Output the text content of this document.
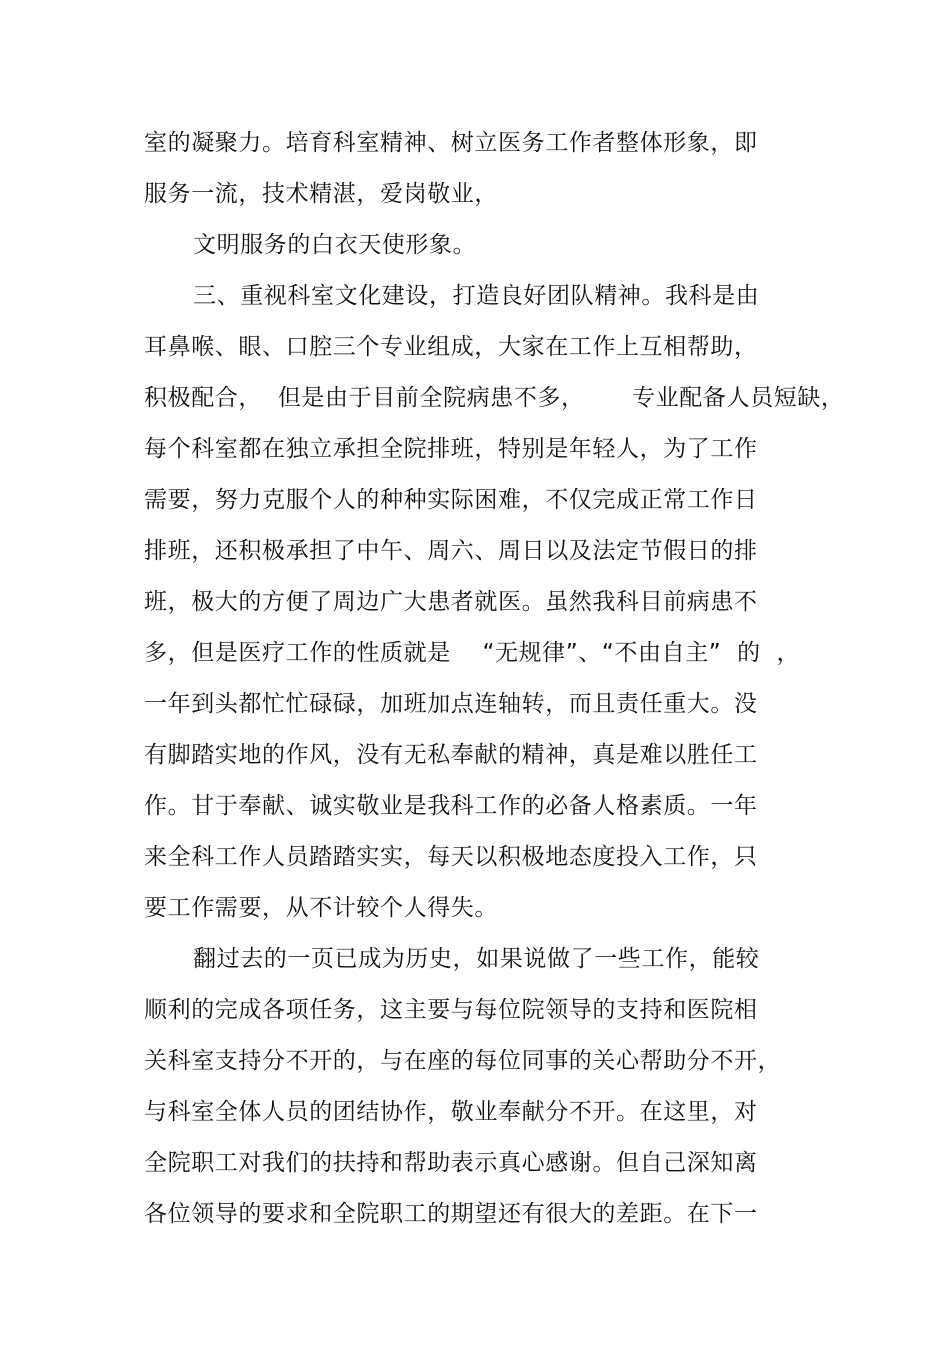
室的凝聚力。培育科室精神、树立医务工作者整体形象，即
服务一流，技术精湛，爱岗敬业，
文明服务的白衣天使形象。
三、重视科室文化建设，打造良好团队精神。我科是由
耳鼻喉、眼、口腔三个专业组成，大家在工作上互相帮助，
积极配合，  但是由于目前全院病患不多，      专业配备人员短缺，
每个科室都在独立承担全院排班，特别是年轻人，为了工作
需要，努力克服个人的种种实际困难，不仅完成正常工作日
排班，还积极承担了中午、周六、周日以及法定节假日的排
班，极大的方便了周边广大患者就医。虽然我科目前病患不
多，但是医疗工作的性质就是    “无规律”、“不由自主”  的  ，
一年到头都忙忙碌碌，加班加点连轴转，而且责任重大。没
有脚踏实地的作风，没有无私奉献的精神，真是难以胜任工
作。甘于奉献、诚实敬业是我科工作的必备人格素质。一年
来全科工作人员踏踏实实，每天以积极地态度投入工作，只
要工作需要，从不计较个人得失。
翻过去的一页已成为历史，如果说做了一些工作，能较
顺利的完成各项任务，这主要与每位院领导的支持和医院相
关科室支持分不开的，与在座的每位同事的关心帮助分不开，
与科室全体人员的团结协作，敬业奉献分不开。在这里，对
全院职工对我们的扶持和帮助表示真心感谢。但自己深知离
各位领导的要求和全院职工的期望还有很大的差距。在下一
